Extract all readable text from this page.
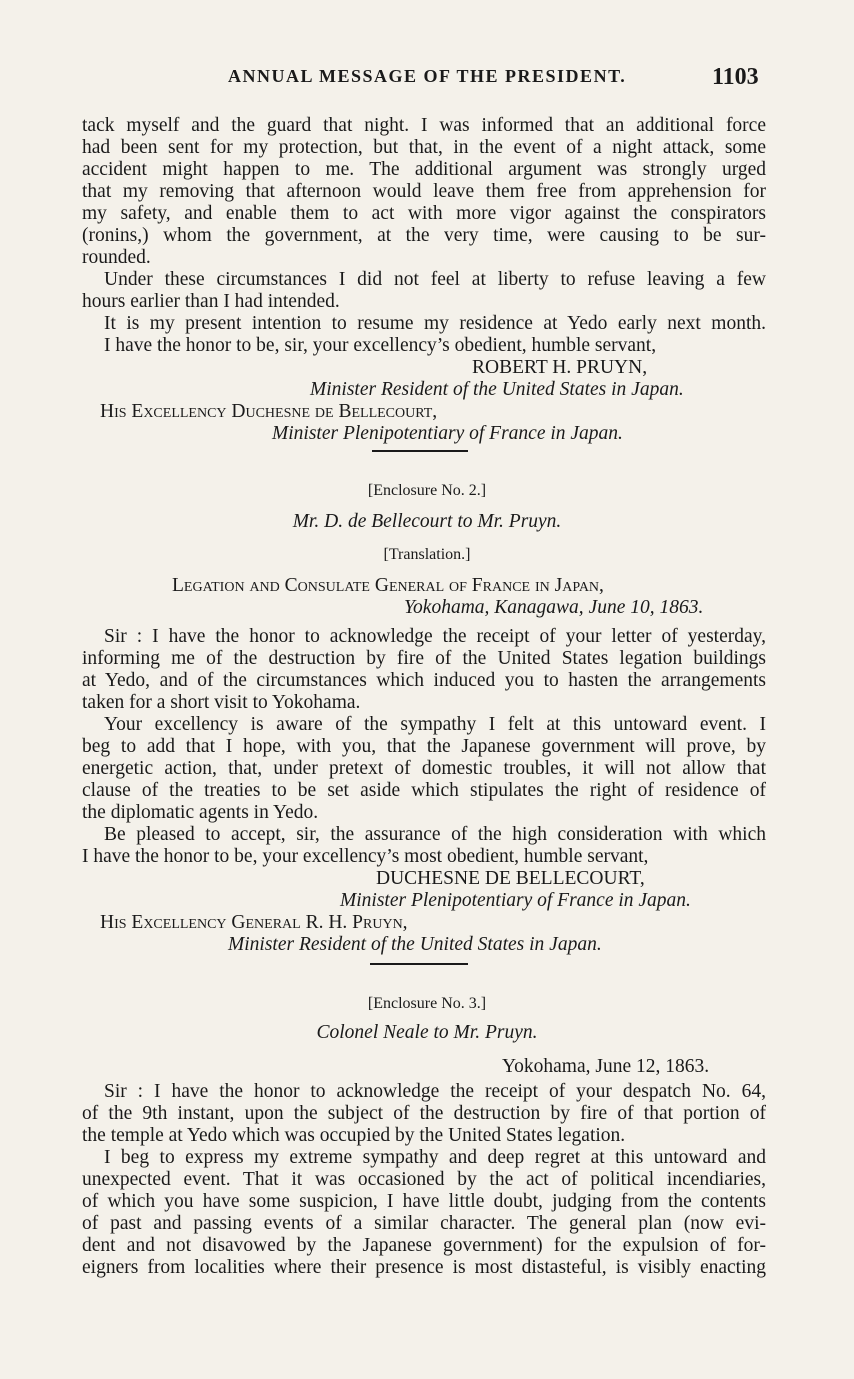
ANNUAL MESSAGE OF THE PRESIDENT.	1103
tack myself and the guard that night. I was informed that an additional force
had been sent for my protection, but that, in the event of a night attack, some
accident might happen to me. The additional argument was strongly urged
that my removing that afternoon would leave them free from apprehension for
my safety, and enable them to act with more vigor against the conspirators
(ronins,) whom the government, at the very time, were causing to be sur-
rounded.
Under these circumstances I did not feel at liberty to refuse leaving a few
hours earlier than I had intended.
It is my present intention to resume my residence at Yedo early next month.
I have the honor to be, sir, your excellency’s obedient, humble servant,
ROBERT H. PRUYN,
Minister Resident of the United States in Japan.
His Excellency Duchesne de Bellecourt,
Minister Plenipotentiary of France in Japan.
[Enclosure No. 2.]
Mr. D. de Bellecourt to Mr. Pruyn.
[Translation.]
Legation and Consulate General of France in Japan,
Yokohama, Kanagawa, June 10, 1863.
Sir : I have the honor to acknowledge the receipt of your letter of yesterday,
informing me of the destruction by fire of the United States legation buildings
at Yedo, and of the circumstances which induced you to hasten the arrangements
taken for a short visit to Yokohama.
Your excellency is aware of the sympathy I felt at this untoward event. I
beg to add that I hope, with you, that the Japanese government will prove, by
energetic action, that, under pretext of domestic troubles, it will not allow that
clause of the treaties to be set aside which stipulates the right of residence of
the diplomatic agents in Yedo.
Be pleased to accept, sir, the assurance of the high consideration with which
I have the honor to be, your excellency’s most obedient, humble servant,
DUCHESNE DE BELLECOURT,
Minister Plenipotentiary of France in Japan.
His Excellency General R. H. Pruyn,
Minister Resident of the United States in Japan.
[Enclosure No. 3.]
Colonel Neale to Mr. Pruyn.
Yokohama, June 12, 1863.
Sir : I have the honor to acknowledge the receipt of your despatch No. 64,
of the 9th instant, upon the subject of the destruction by fire of that portion of
the temple at Yedo which was occupied by the United States legation.
I beg to express my extreme sympathy and deep regret at this untoward and
unexpected event. That it was occasioned by the act of political incendiaries,
of which you have some suspicion, I have little doubt, judging from the contents
of past and passing events of a similar character. The general plan (now evi-
dent and not disavowed by the Japanese government) for the expulsion of for-
eigners from localities where their presence is most distasteful, is visibly enacting
